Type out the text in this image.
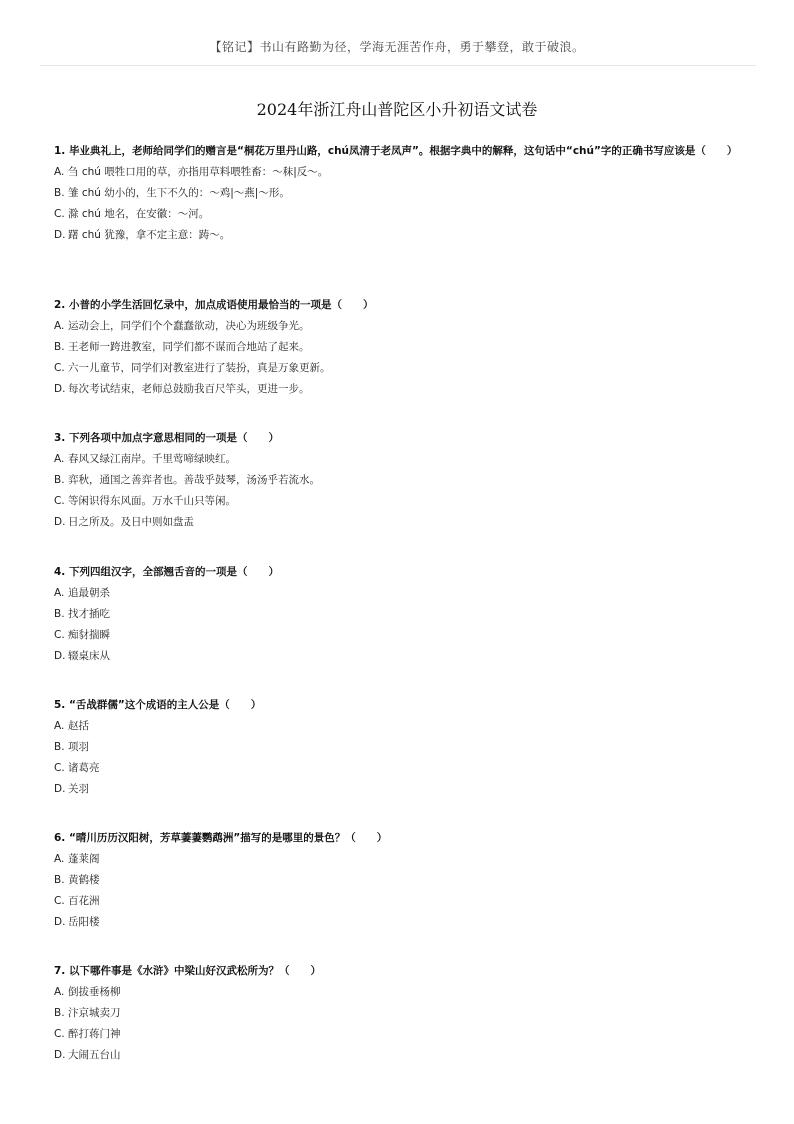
【铭记】书山有路勤为径，学海无涯苦作舟，勇于攀登，敢于破浪。
2024年浙江舟山普陀区小升初语文试卷

1. 毕业典礼上，老师给同学们的赠言是“桐花万里丹山路，chú凤清于老凤声”。根据字典中的解释，这句话中“chú”字的正确书写应该是（　　）

A. 刍 chú 喂牲口用的草，亦指用草料喂牲畜：～秣|反～。

B. 雏 chú 幼小的，生下不久的：～鸡|～燕|～形。

C. 滁 chú 地名，在安徽：～河。

D. 躇 chú 犹豫，拿不定主意：踌～。

2. 小普的小学生活回忆录中，加点成语使用最恰当的一项是（　　）

A. 运动会上，同学们个个蠢蠢欲动，决心为班级争光。

B. 王老师一跨进教室，同学们都不谋而合地站了起来。

C. 六一儿童节，同学们对教室进行了装扮，真是万象更新。

D. 每次考试结束，老师总鼓励我百尺竿头，更进一步。

3. 下列各项中加点字意思相同的一项是（　　）

A. 春风又绿江南岸。千里莺啼绿映红。

B. 弈秋，通国之善弈者也。善哉乎鼓琴，汤汤乎若流水。

C. 等闲识得东风面。万水千山只等闲。

D. 日之所及。及日中则如盘盂

4. 下列四组汉字，全部翘舌音的一项是（　　）

A. 追最朝杀

B. 找才插吃

C. 痴豺揣瞬

D. 辍桌床从

5. “舌战群儒”这个成语的主人公是（　　）

A. 赵括

B. 项羽

C. 诸葛亮

D. 关羽

6. “晴川历历汉阳树，芳草萋萋鹦鹉洲”描写的是哪里的景色？（　　）

A. 蓬莱阁

B. 黄鹤楼

C. 百花洲

D. 岳阳楼

7. 以下哪件事是《水浒》中梁山好汉武松所为？（　　）

A. 倒拔垂杨柳

B. 汴京城卖刀

C. 醉打蒋门神

D. 大闹五台山
